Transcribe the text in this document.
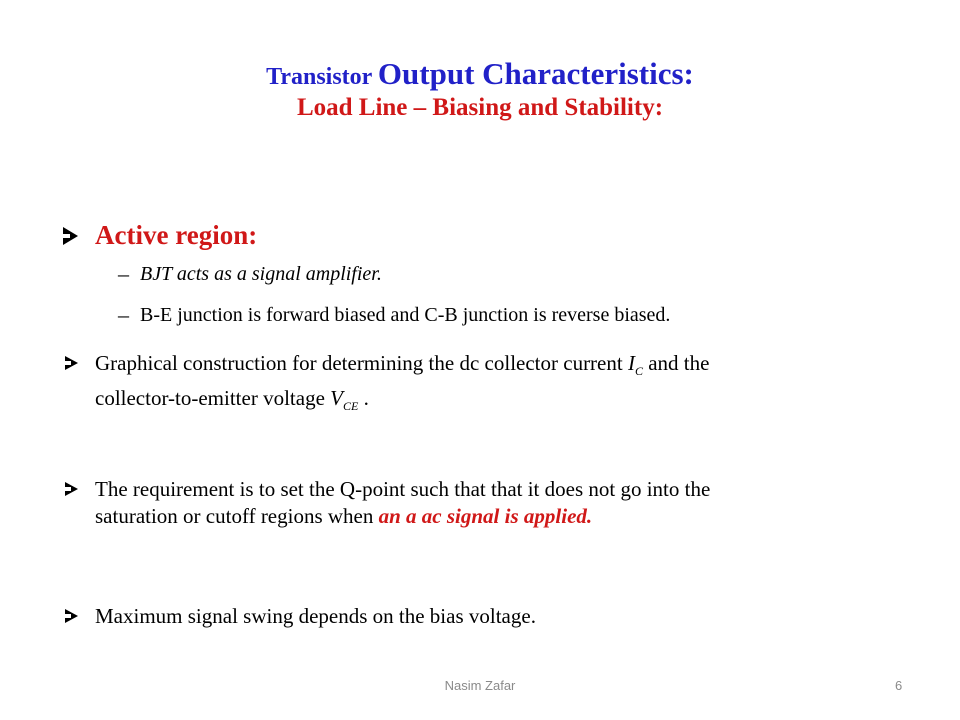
Transistor Output Characteristics:
Load Line – Biasing and Stability:
Active region:
– BJT acts as a signal amplifier.
– B-E junction is forward biased and C-B junction is reverse biased.
Graphical construction for determining the dc collector current $I_C$ and the
collector-to-emitter voltage $V_{CE}$ .
The requirement is to set the Q-point such that that it does not go into the
saturation or cutoff regions when an a ac signal is applied.
Maximum signal swing depends on the bias voltage.
Nasim Zafar	6
